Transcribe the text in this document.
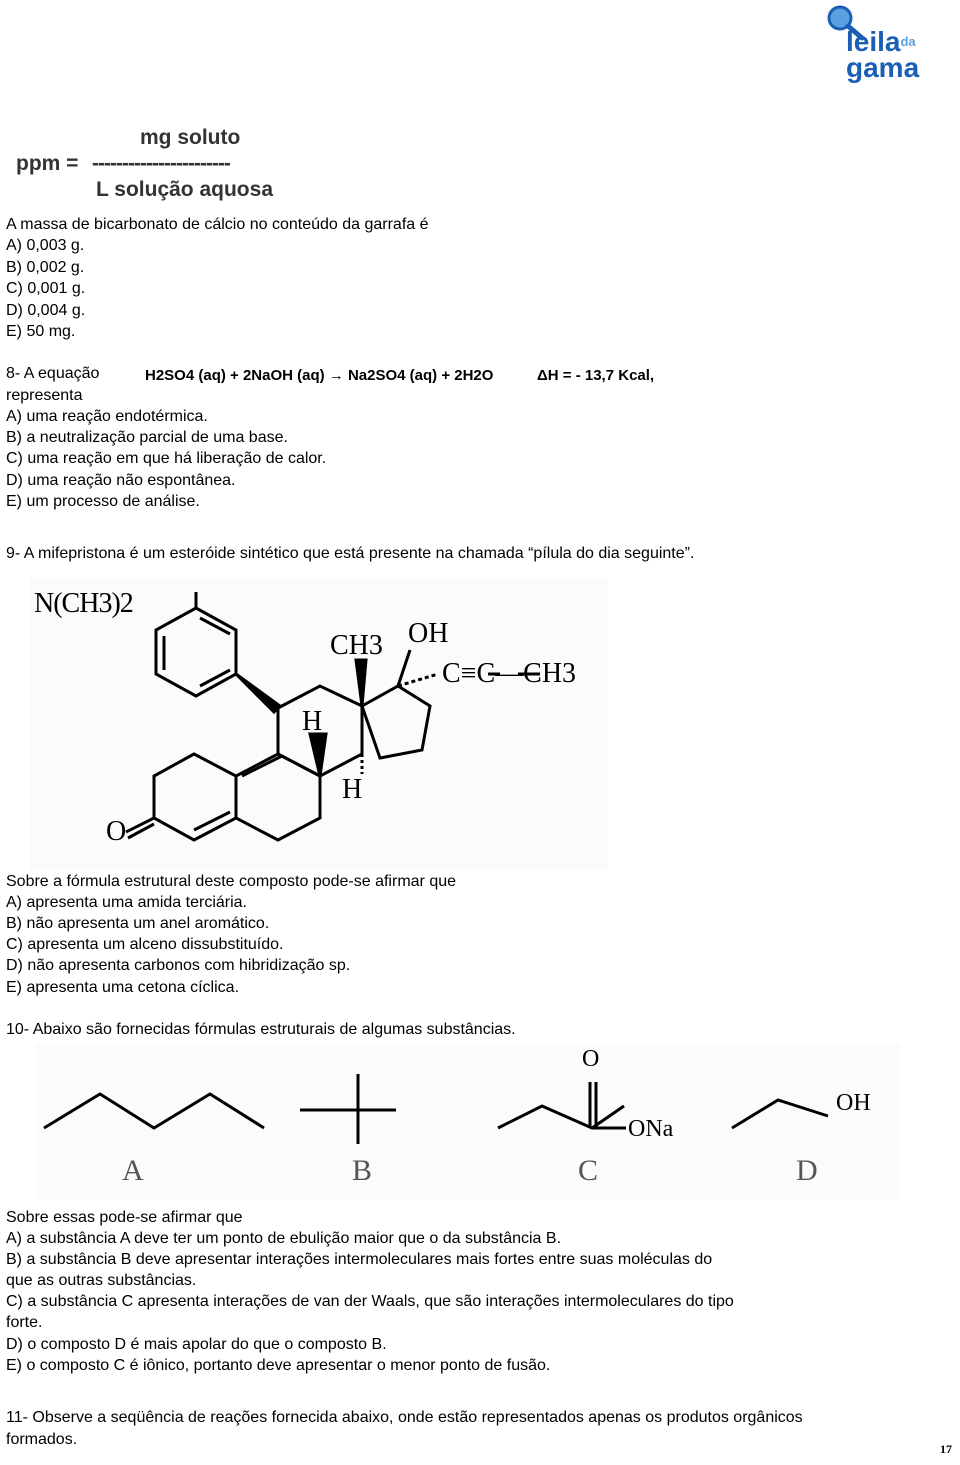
leila$^{da}$
gama
mg soluto
ppm = -----------------------
L solução aquosa
A massa de bicarbonato de cálcio no conteúdo da garrafa é
A) 0,003 g.
B) 0,002 g.
C) 0,001 g.
D) 0,004 g.
E) 50 mg.
8- A equação	H2SO4 (aq) + 2NaOH (aq) → Na2SO4 (aq) + 2H2O	ΔH = - 13,7 Kcal,
representa
A) uma reação endotérmica.
B) a neutralização parcial de uma base.
C) uma reação em que há liberação de calor.
D) uma reação não espontânea.
E) um processo de análise.
9- A mifepristona é um esteróide sintético que está presente na chamada “pílula do dia seguinte”.
N(CH3)2
CH3 OH
C≡C—CH3
H
H
O
Sobre a fórmula estrutural deste composto pode-se afirmar que
A) apresenta uma amida terciária.
B) não apresenta um anel aromático.
C) apresenta um alceno dissubstituído.
D) não apresenta carbonos com hibridização sp.
E) apresenta uma cetona cíclica.
10- Abaixo são fornecidas fórmulas estruturais de algumas substâncias.
A	B	C	D
O
ONa
OH
Sobre essas pode-se afirmar que
A) a substância A deve ter um ponto de ebulição maior que o da substância B.
B) a substância B deve apresentar interações intermoleculares mais fortes entre suas moléculas do
que as outras substâncias.
C) a substância C apresenta interações de van der Waals, que são interações intermoleculares do tipo
forte.
D) o composto D é mais apolar do que o composto B.
E) o composto C é iônico, portanto deve apresentar o menor ponto de fusão.
11- Observe a seqüência de reações fornecida abaixo, onde estão representados apenas os produtos orgânicos
formados.
17
